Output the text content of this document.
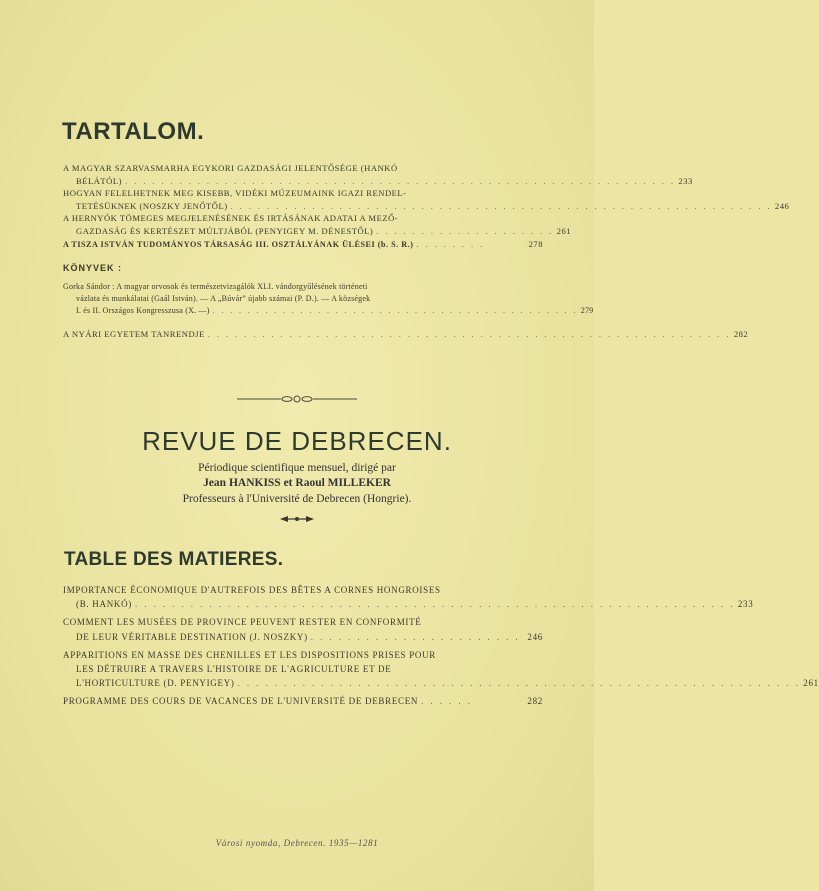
TARTALOM.
A MAGYAR SZARVASMARHA EGYKORI GAZDASÁGI JELENTŐSÉGE (HANKÓ
BÉLÁTÓL) . . . . . . . . . . . . . . . . . . . . . . . . . . . . . . . . . . . . . . . . . . . . . . . . . . . . . . . . . . . . . 233
HOGYAN FELELHETNEK MEG KISEBB, VIDÉKI MÚZEUMAINK IGAZI RENDEL-
TETÉSÜKNEK (NOSZKY JENŐTŐL) . . . . . . . . . . . . . . . . . . . . . . . . . . . . . . . . . . . . . . . . . . . . . . . . . . . . . . . . . . . . 246
A HERNYÓK TÖMEGES MEGJELENÉSÉNEK ÉS IRTÁSÁNAK ADATAI A MEZŐ-
GAZDASÁG ÉS KERTÉSZET MÚLTJÁBÓL (PENYIGEY M. DÉNESTŐL) . . . . . . . . . . . . . . . . . . . . 261
A TISZA ISTVÁN TUDOMÁNYOS TÁRSASÁG III. OSZTÁLYÁNAK ÜLÉSEI (b. S. R.) . . . . . . . .	278
KÖNYVEK :
Gorka Sándor : A magyar orvosok és természetvizsgálók XLI. vándorgyűlésének történeti
vázlata és munkálatai (Gaál István). — A „Búvár” újabb számai (P. D.). — A községek
I. és II. Országos Kongresszusa (X. —) . . . . . . . . . . . . . . . . . . . . . . . . . . . . . . . . . . . . . . . . . . 279
A NYÁRI EGYETEM TANRENDJE . . . . . . . . . . . . . . . . . . . . . . . . . . . . . . . . . . . . . . . . . . . . . . . . . . . . . . . . . . 282
REVUE DE DEBRECEN.
Périodique scientifique mensuel, dirigé par
Jean HANKISS et Raoul MILLEKER
Professeurs à l'Université de Debrecen (Hongrie).
TABLE DES MATIERES.
IMPORTANCE ÉCONOMIQUE D'AUTREFOIS DES BÊTES A CORNES HONGROISES
(B. HANKÓ) . . . . . . . . . . . . . . . . . . . . . . . . . . . . . . . . . . . . . . . . . . . . . . . . . . . . . . . . . . . . . . . . . 233
COMMENT LES MUSÉES DE PROVINCE PEUVENT RESTER EN CONFORMITÉ
DE LEUR VÉRITABLE DESTINATION (J. NOSZKY) . . . . . . . . . . . . . . . . . . . . . . . 246
APPARITIONS EN MASSE DES CHENILLES ET LES DISPOSITIONS PRISES POUR
LES DÉTRUIRE A TRAVERS L'HISTOIRE DE L'AGRICULTURE ET DE
L'HORTICULTURE (D. PENYIGEY) . . . . . . . . . . . . . . . . . . . . . . . . . . . . . . . . . . . . . . . . . . . . . . . . . . . . . . . . . . . . . 261
PROGRAMME DES COURS DE VACANCES DE L'UNIVERSITÉ DE DEBRECEN . . . . . .	282
Városi nyomda, Debrecen. 1935—1281
